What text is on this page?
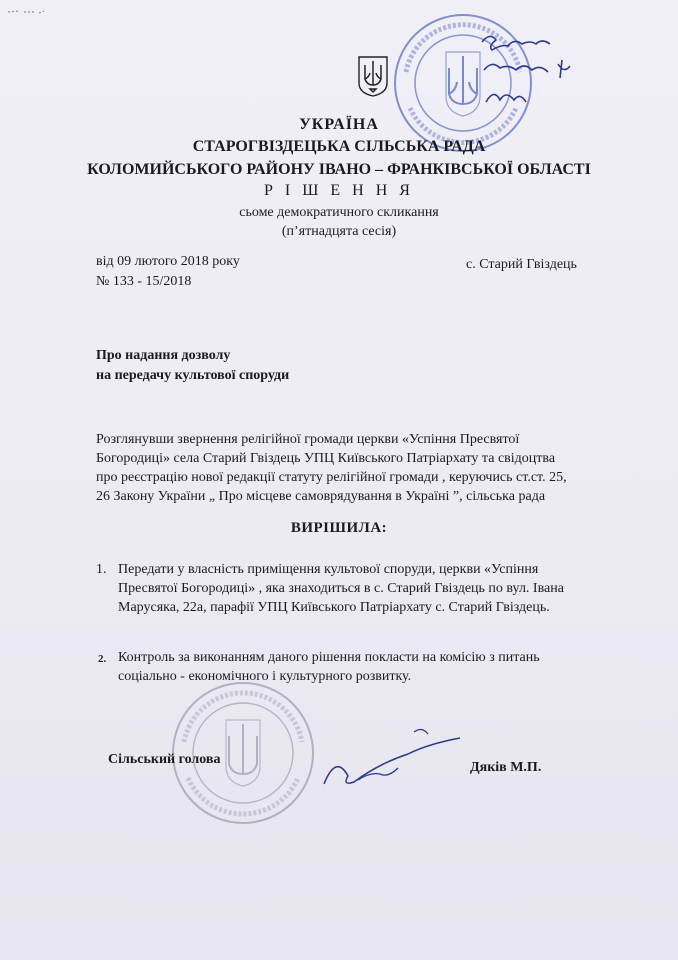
УКРАЇНА
СТАРОГВІЗДЕЦЬКА СІЛЬСЬКА РАДА
КОЛОМИЙСЬКОГО РАЙОНУ ІВАНО – ФРАНКІВСЬКОЇ ОБЛАСТІ
Р І Ш Е Н Н Я
сьоме демократичного скликання
(п’ятнадцята сесія)
від 09 лютого 2018 року	с. Старий Гвіздець
№ 133 - 15/2018
Про надання дозволу
на передачу культової споруди
Розглянувши звернення релігійної громади церкви «Успіння Пресвятої Богородиці» села Старий Гвіздець УПЦ Київського Патріархату та свідоцтва про реєстрацію нової редакції статуту релігійної громади , керуючись ст.ст. 25, 26 Закону України „ Про місцеве самоврядування в Україні ”, сільська рада
ВИРІШИЛА:
1. Передати у власність приміщення культової споруди, церкви «Успіння Пресвятої Богородиці» , яка знаходиться в с. Старий Гвіздець по вул. Івана Марусяка, 22а, парафії УПЦ Київського Патріархату с. Старий Гвіздець.
2. Контроль за виконанням даного рішення покласти на комісію з питань соціально - економічного і культурного розвитку.
Сільський голова
Дяків М.П.
